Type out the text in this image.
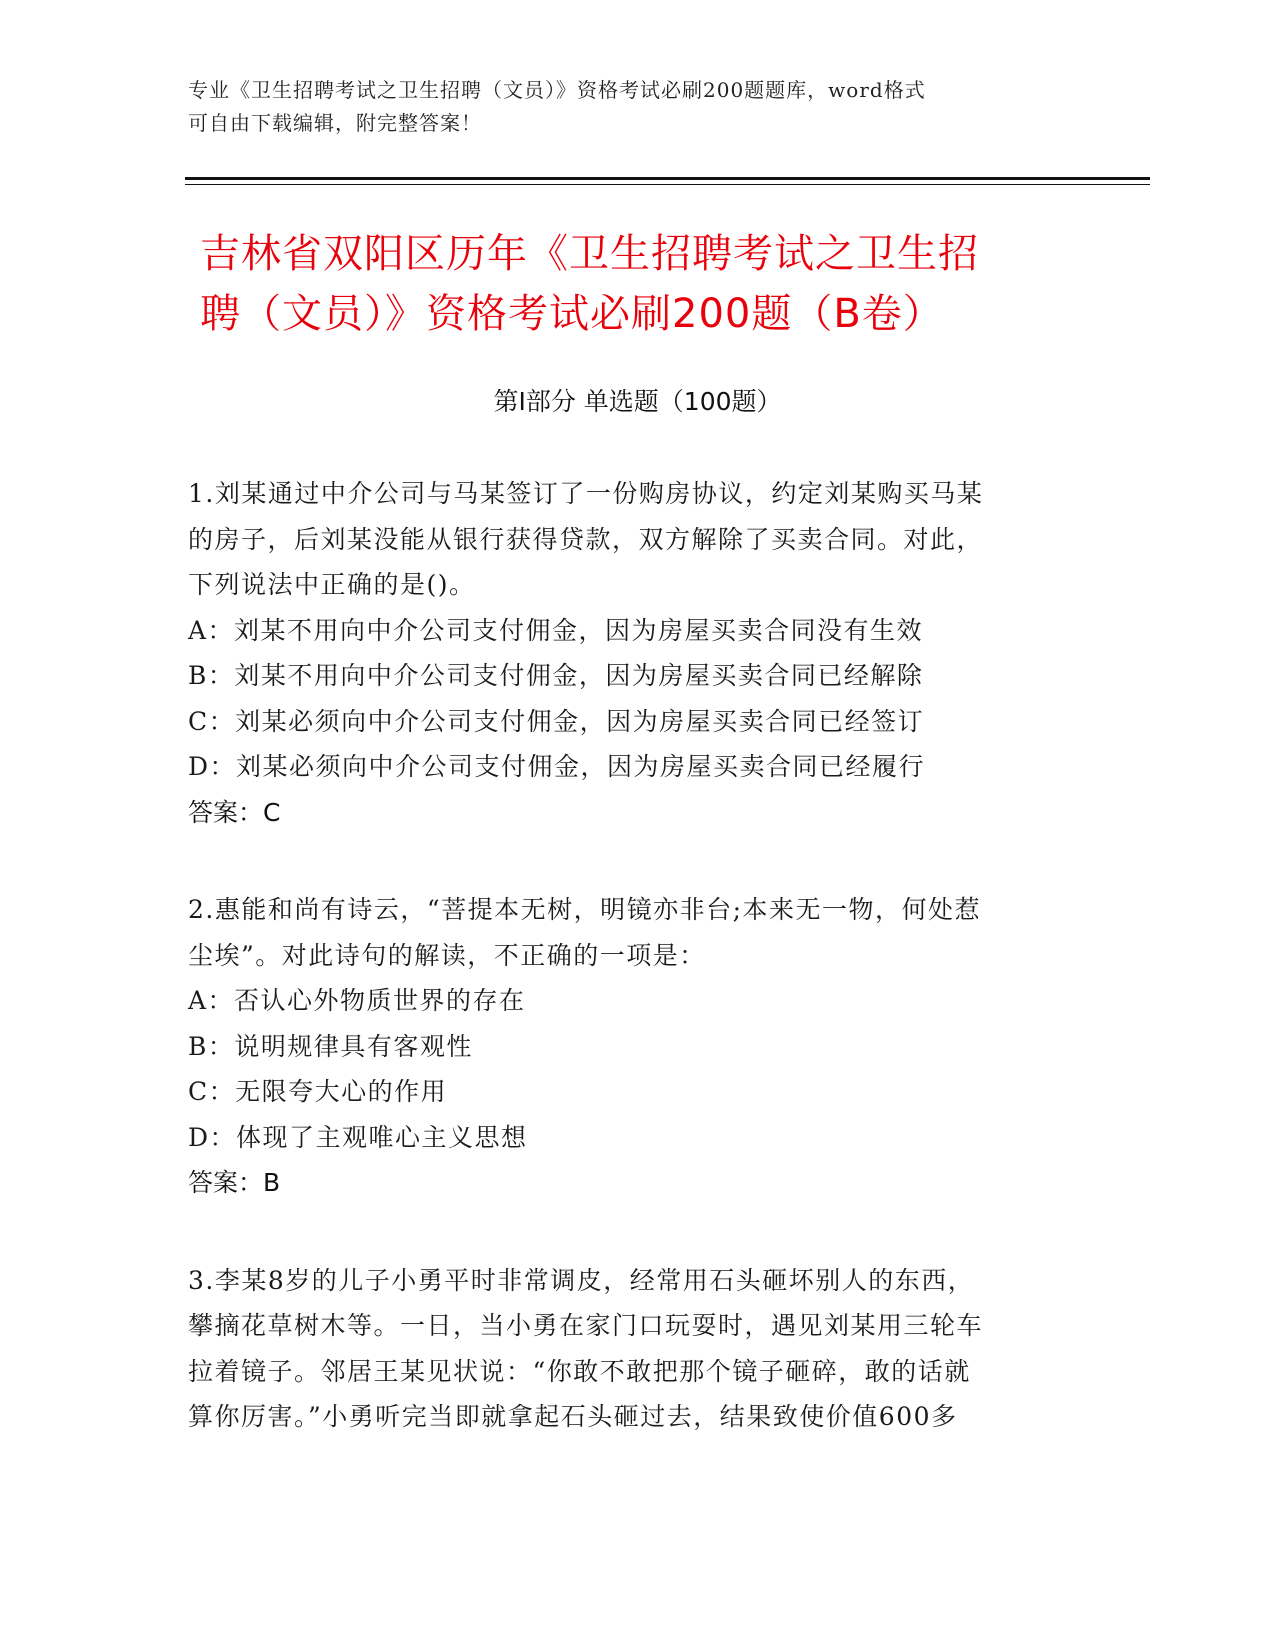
专业《卫生招聘考试之卫生招聘（文员）》资格考试必刷200题题库，word格式
可自由下载编辑，附完整答案！
吉林省双阳区历年《卫生招聘考试之卫生招
聘（文员）》资格考试必刷200题（B卷）
第Ⅰ部分 单选题（100题）
1.刘某通过中介公司与马某签订了一份购房协议，约定刘某购买马某
的房子，后刘某没能从银行获得贷款，双方解除了买卖合同。对此，
下列说法中正确的是()。
A：刘某不用向中介公司支付佣金，因为房屋买卖合同没有生效
B：刘某不用向中介公司支付佣金，因为房屋买卖合同已经解除
C：刘某必须向中介公司支付佣金，因为房屋买卖合同已经签订
D：刘某必须向中介公司支付佣金，因为房屋买卖合同已经履行
答案：C
2.惠能和尚有诗云，“菩提本无树，明镜亦非台;本来无一物，何处惹
尘埃”。对此诗句的解读，不正确的一项是：
A：否认心外物质世界的存在
B：说明规律具有客观性
C：无限夸大心的作用
D：体现了主观唯心主义思想
答案：B
3.李某8岁的儿子小勇平时非常调皮，经常用石头砸坏别人的东西，
攀摘花草树木等。一日，当小勇在家门口玩耍时，遇见刘某用三轮车
拉着镜子。邻居王某见状说：“你敢不敢把那个镜子砸碎，敢的话就
算你厉害。”小勇听完当即就拿起石头砸过去，结果致使价值600多
